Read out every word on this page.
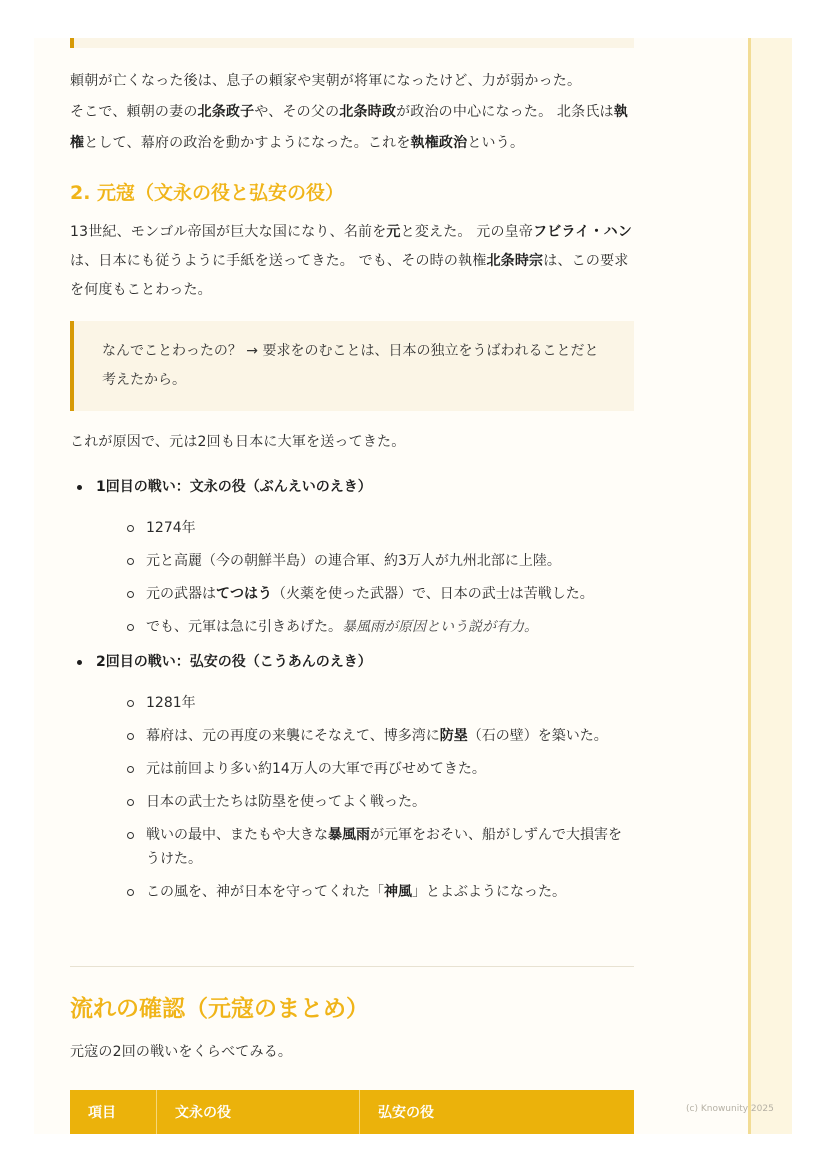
頼朝が亡くなった後は、息子の頼家や実朝が将軍になったけど、力が弱かった。
そこで、頼朝の妻の北条政子や、その父の北条時政が政治の中心になった。 北条氏は執権として、幕府の政治を動かすようになった。これを執権政治という。

2. 元寇（文永の役と弘安の役）

13世紀、モンゴル帝国が巨大な国になり、名前を元と変えた。 元の皇帝フビライ・ハンは、日本にも従うように手紙を送ってきた。 でも、その時の執権北条時宗は、この要求を何度もことわった。

なんでことわったの？ → 要求をのむことは、日本の独立をうばわれることだと考えたから。

これが原因で、元は2回も日本に大軍を送ってきた。

1回目の戦い：文永の役（ぶんえいのえき）
1274年
元と高麗（今の朝鮮半島）の連合軍、約3万人が九州北部に上陸。
元の武器はてつはう（火薬を使った武器）で、日本の武士は苦戦した。
でも、元軍は急に引きあげた。暴風雨が原因という説が有力。
2回目の戦い：弘安の役（こうあんのえき）
1281年
幕府は、元の再度の来襲にそなえて、博多湾に防塁（石の壁）を築いた。
元は前回より多い約14万人の大軍で再びせめてきた。
日本の武士たちは防塁を使ってよく戦った。
戦いの最中、またもや大きな暴風雨が元軍をおそい、船がしずんで大損害をうけた。
この風を、神が日本を守ってくれた「神風」とよぶようになった。

流れの確認（元寇のまとめ）

元寇の2回の戦いをくらべてみる。

項目	文永の役	弘安の役	(c) Knowunity 2025
